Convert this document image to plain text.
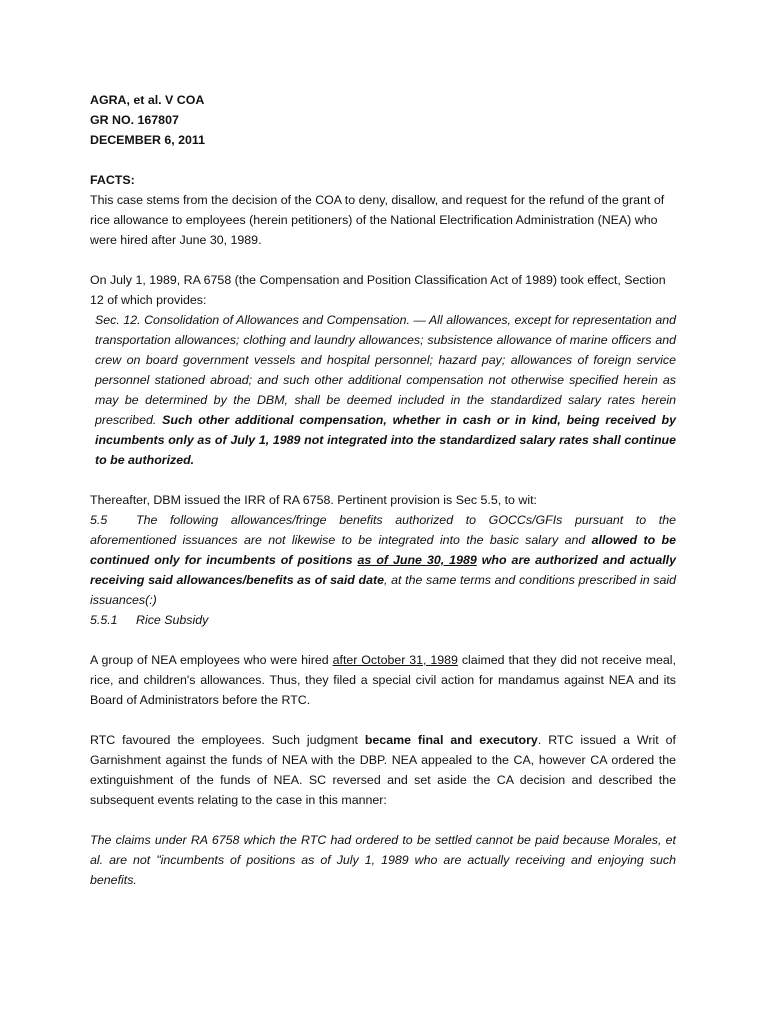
AGRA, et al. V COA

GR NO. 167807

DECEMBER 6, 2011

FACTS:

This case stems from the decision of the COA to deny, disallow, and request for the refund of the grant of rice allowance to employees (herein petitioners) of the National Electrification Administration (NEA) who were hired after June 30, 1989.

On July 1, 1989, RA 6758 (the Compensation and Position Classification Act of 1989) took effect, Section 12 of which provides:

Sec. 12. Consolidation of Allowances and Compensation. — All allowances, except for representation and transportation allowances; clothing and laundry allowances; subsistence allowance of marine officers and crew on board government vessels and hospital personnel; hazard pay; allowances of foreign service personnel stationed abroad; and such other additional compensation not otherwise specified herein as may be determined by the DBM, shall be deemed included in the standardized salary rates herein prescribed. Such other additional compensation, whether in cash or in kind, being received by incumbents only as of July 1, 1989 not integrated into the standardized salary rates shall continue to be authorized.

Thereafter, DBM issued the IRR of RA 6758. Pertinent provision is Sec 5.5, to wit:

5.5 The following allowances/fringe benefits authorized to GOCCs/GFIs pursuant to the aforementioned issuances are not likewise to be integrated into the basic salary and allowed to be continued only for incumbents of positions as of June 30, 1989 who are authorized and actually receiving said allowances/benefits as of said date, at the same terms and conditions prescribed in said issuances(:)

5.5.1 Rice Subsidy

A group of NEA employees who were hired after October 31, 1989 claimed that they did not receive meal, rice, and children's allowances. Thus, they filed a special civil action for mandamus against NEA and its Board of Administrators before the RTC.

RTC favoured the employees. Such judgment became final and executory. RTC issued a Writ of Garnishment against the funds of NEA with the DBP. NEA appealed to the CA, however CA ordered the extinguishment of the funds of NEA. SC reversed and set aside the CA decision and described the subsequent events relating to the case in this manner:

The claims under RA 6758 which the RTC had ordered to be settled cannot be paid because Morales, et al. are not "incumbents of positions as of July 1, 1989 who are actually receiving and enjoying such benefits.
